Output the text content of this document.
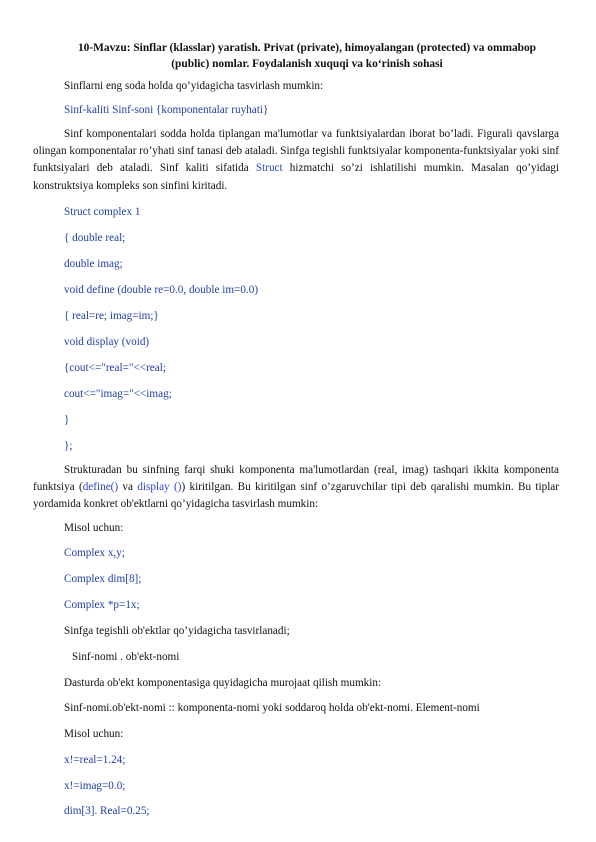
10-Mavzu: Sinflar (klasslar) yaratish. Privat (private), himoyalangan (protected) va ommabop
(public) nomlar. Foydalanish xuquqi va ko‘rinish sohasi
Sinflarni eng soda holda qo’yidagicha tasvirlash mumkin:
Sinf-kaliti Sinf-soni {komponentalar ruyhati}
Sinf komponentalari sodda holda tiplangan ma'lumotlar va funktsiyalardan iborat bo’ladi. Figurali qavslarga olingan komponentalar ro’yhati sinf tanasi deb ataladi. Sinfga tegishli funktsiyalar komponenta-funktsiyalar yoki sinf funktsiyalari deb ataladi. Sinf kaliti sifatida Struct hizmatchi so’zi ishlatilishi mumkin. Masalan qo’yidagi konstruktsiya kompleks son sinfini kiritadi.
Struct complex 1
{ double real;
double imag;
void define (double re=0.0, double im=0.0)
{ real=re; imag=im;}
void display (void)
{cout<="real="<<real;
cout<="imag="<<imag;
}
};
Strukturadan bu sinfning farqi shuki komponenta ma'lumotlardan (real, imag) tashqari ikkita komponenta funktsiya (define() va display ()) kiritilgan. Bu kiritilgan sinf o’zgaruvchilar tipi deb qaralishi mumkin. Bu tiplar yordamida konkret ob'ektlarni qo’yidagicha tasvirlash mumkin:
Misol uchun:
Complex x,y;
Complex dim[8];
Complex *p=1x;
Sinfga tegishli ob'ektlar qo’yidagicha tasvirlanadi;
Sinf-nomi . ob'ekt-nomi
Dasturda ob'ekt komponentasiga quyidagicha murojaat qilish mumkin:
Sinf-nomi.ob'ekt-nomi :: komponenta-nomi yoki soddaroq holda ob'ekt-nomi. Element-nomi
Misol uchun:
x!=real=1.24;
x!=imag=0.0;
dim[3]. Real=0.25;
